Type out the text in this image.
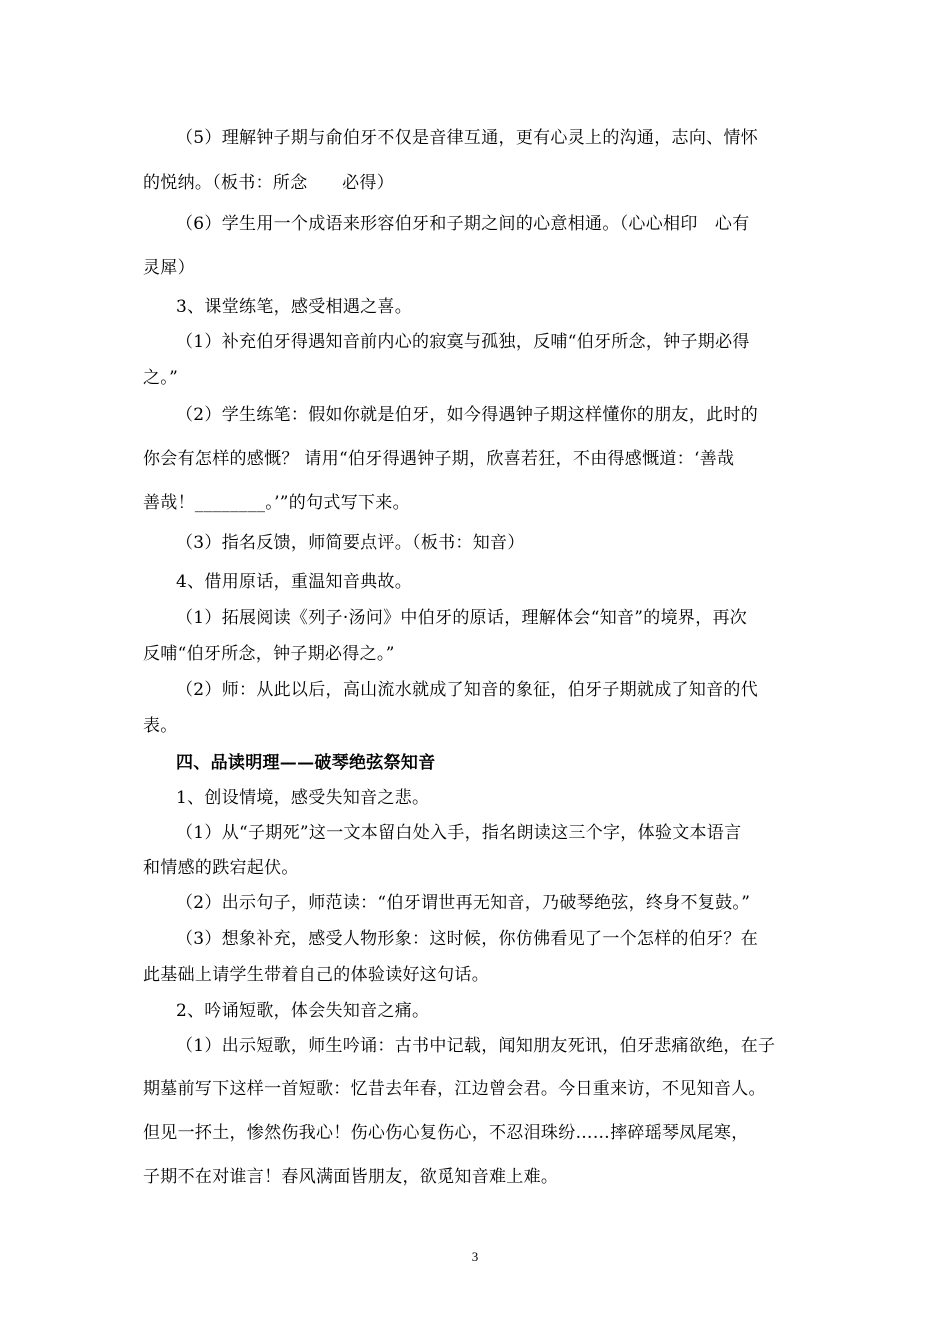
（5）理解钟子期与俞伯牙不仅是音律互通，更有心灵上的沟通，志向、情怀
的悦纳。（板书：所念　　必得）
（6）学生用一个成语来形容伯牙和子期之间的心意相通。（心心相印　心有
灵犀）
3、课堂练笔，感受相遇之喜。
（1）补充伯牙得遇知音前内心的寂寞与孤独，反哺“伯牙所念，钟子期必得
之。”
（2）学生练笔：假如你就是伯牙，如今得遇钟子期这样懂你的朋友，此时的
你会有怎样的感慨？ 请用“伯牙得遇钟子期，欣喜若狂，不由得感慨道：‘善哉
善哉！________。’”的句式写下来。
（3）指名反馈，师简要点评。（板书：知音）
4、借用原话，重温知音典故。
（1）拓展阅读《列子·汤问》中伯牙的原话，理解体会“知音”的境界，再次
反哺“伯牙所念，钟子期必得之。”
（2）师：从此以后，高山流水就成了知音的象征，伯牙子期就成了知音的代
表。
四、品读明理——破琴绝弦祭知音
1、创设情境，感受失知音之悲。
（1）从“子期死”这一文本留白处入手，指名朗读这三个字，体验文本语言
和情感的跌宕起伏。
（2）出示句子，师范读：“伯牙谓世再无知音，乃破琴绝弦，终身不复鼓。”
（3）想象补充，感受人物形象：这时候，你仿佛看见了一个怎样的伯牙？在
此基础上请学生带着自己的体验读好这句话。
2、吟诵短歌，体会失知音之痛。
（1）出示短歌，师生吟诵：古书中记载，闻知朋友死讯，伯牙悲痛欲绝，在子
期墓前写下这样一首短歌：忆昔去年春，江边曾会君。今日重来访，不见知音人。
但见一抔土，惨然伤我心！伤心伤心复伤心，不忍泪珠纷……摔碎瑶琴凤尾寒，
子期不在对谁言！春风满面皆朋友，欲觅知音难上难。
3
